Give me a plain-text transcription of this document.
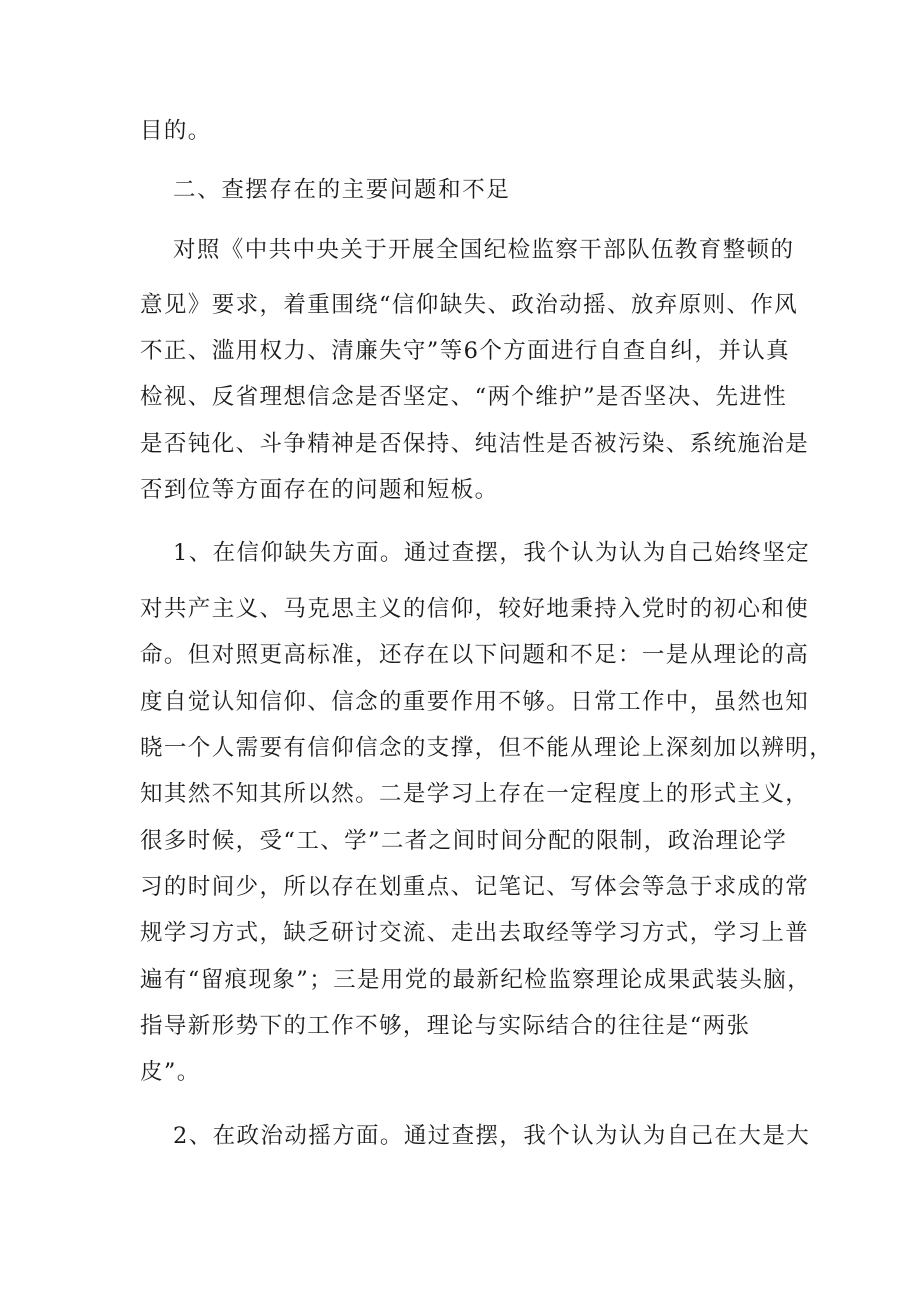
目的。

二、查摆存在的主要问题和不足

对照《中共中央关于开展全国纪检监察干部队伍教育整顿的

意见》要求，着重围绕“信仰缺失、政治动摇、放弃原则、作风

不正、滥用权力、清廉失守”等6个方面进行自查自纠，并认真

检视、反省理想信念是否坚定、“两个维护”是否坚决、先进性

是否钝化、斗争精神是否保持、纯洁性是否被污染、系统施治是

否到位等方面存在的问题和短板。

1、在信仰缺失方面。通过查摆，我个认为认为自己始终坚定

对共产主义、马克思主义的信仰，较好地秉持入党时的初心和使

命。但对照更高标准，还存在以下问题和不足：一是从理论的高

度自觉认知信仰、信念的重要作用不够。日常工作中，虽然也知

晓一个人需要有信仰信念的支撑，但不能从理论上深刻加以辨明，

知其然不知其所以然。二是学习上存在一定程度上的形式主义，

很多时候，受“工、学”二者之间时间分配的限制，政治理论学

习的时间少，所以存在划重点、记笔记、写体会等急于求成的常

规学习方式，缺乏研讨交流、走出去取经等学习方式，学习上普

遍有“留痕现象”；三是用党的最新纪检监察理论成果武装头脑，

指导新形势下的工作不够，理论与实际结合的往往是“两张

皮”。

2、在政治动摇方面。通过查摆，我个认为认为自己在大是大
